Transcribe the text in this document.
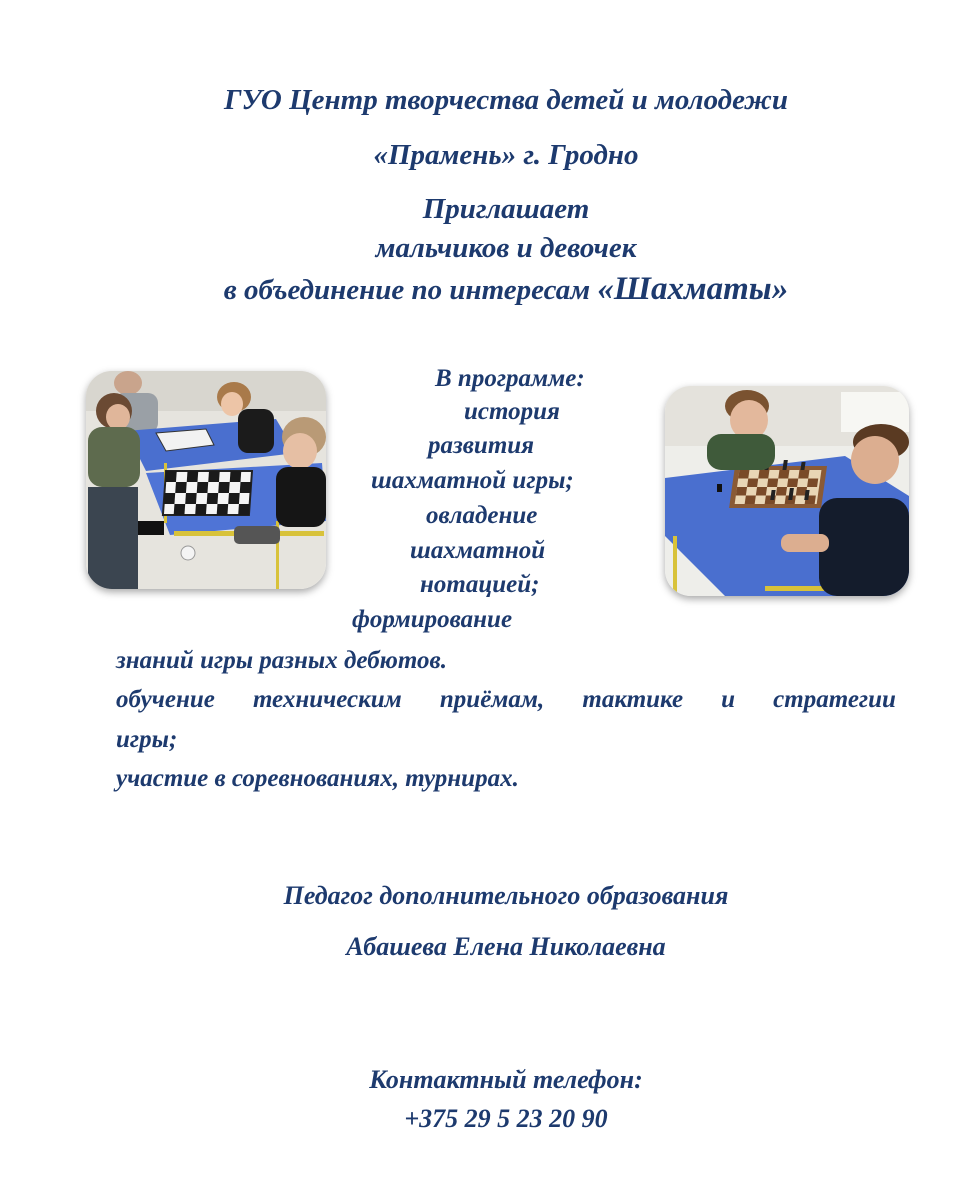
ГУО Центр творчества детей и молодежи
«Прамень» г. Гродно
Приглашает
мальчиков и девочек
в объединение по интересам «Шахматы»
В программе:
история
развития
шахматной игры;
овладение
шахматной
нотацией;
формирование
знаний игры разных дебютов.
обучение техническим приёмам, тактике и стратегии
игры;
участие в соревнованиях, турнирах.
Педагог дополнительного образования
Абашева Елена Николаевна
Контактный телефон:
+375 29 5 23 20 90
